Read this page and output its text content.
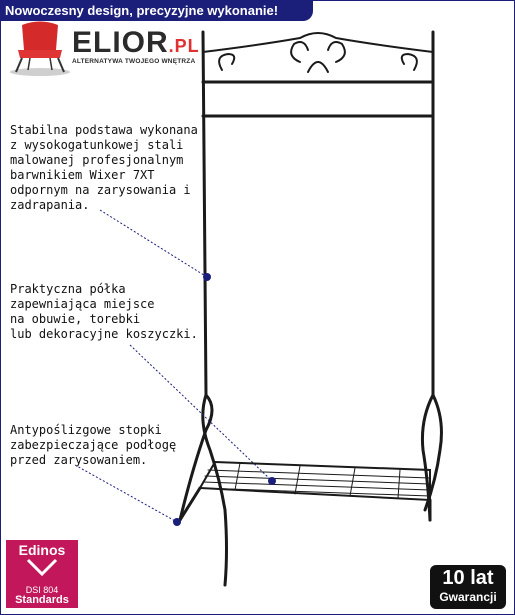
Nowoczesny design, precyzyjne wykonanie!
ELIOR.PL
ALTERNATYWA TWOJEGO WNĘTRZA
Stabilna podstawa wykonana
z wysokogatunkowej stali
malowanej profesjonalnym
barwnikiem Wixer 7XT
odpornym na zarysowania i
zadrapania.
Praktyczna półka
zapewniająca miejsce
na obuwie, torebki
lub dekoracyjne koszyczki.
Antypoślizgowe stopki
zabezpieczające podłogę
przed zarysowaniem.
Edinos
DSI 804
Standards
10 lat
Gwarancji
